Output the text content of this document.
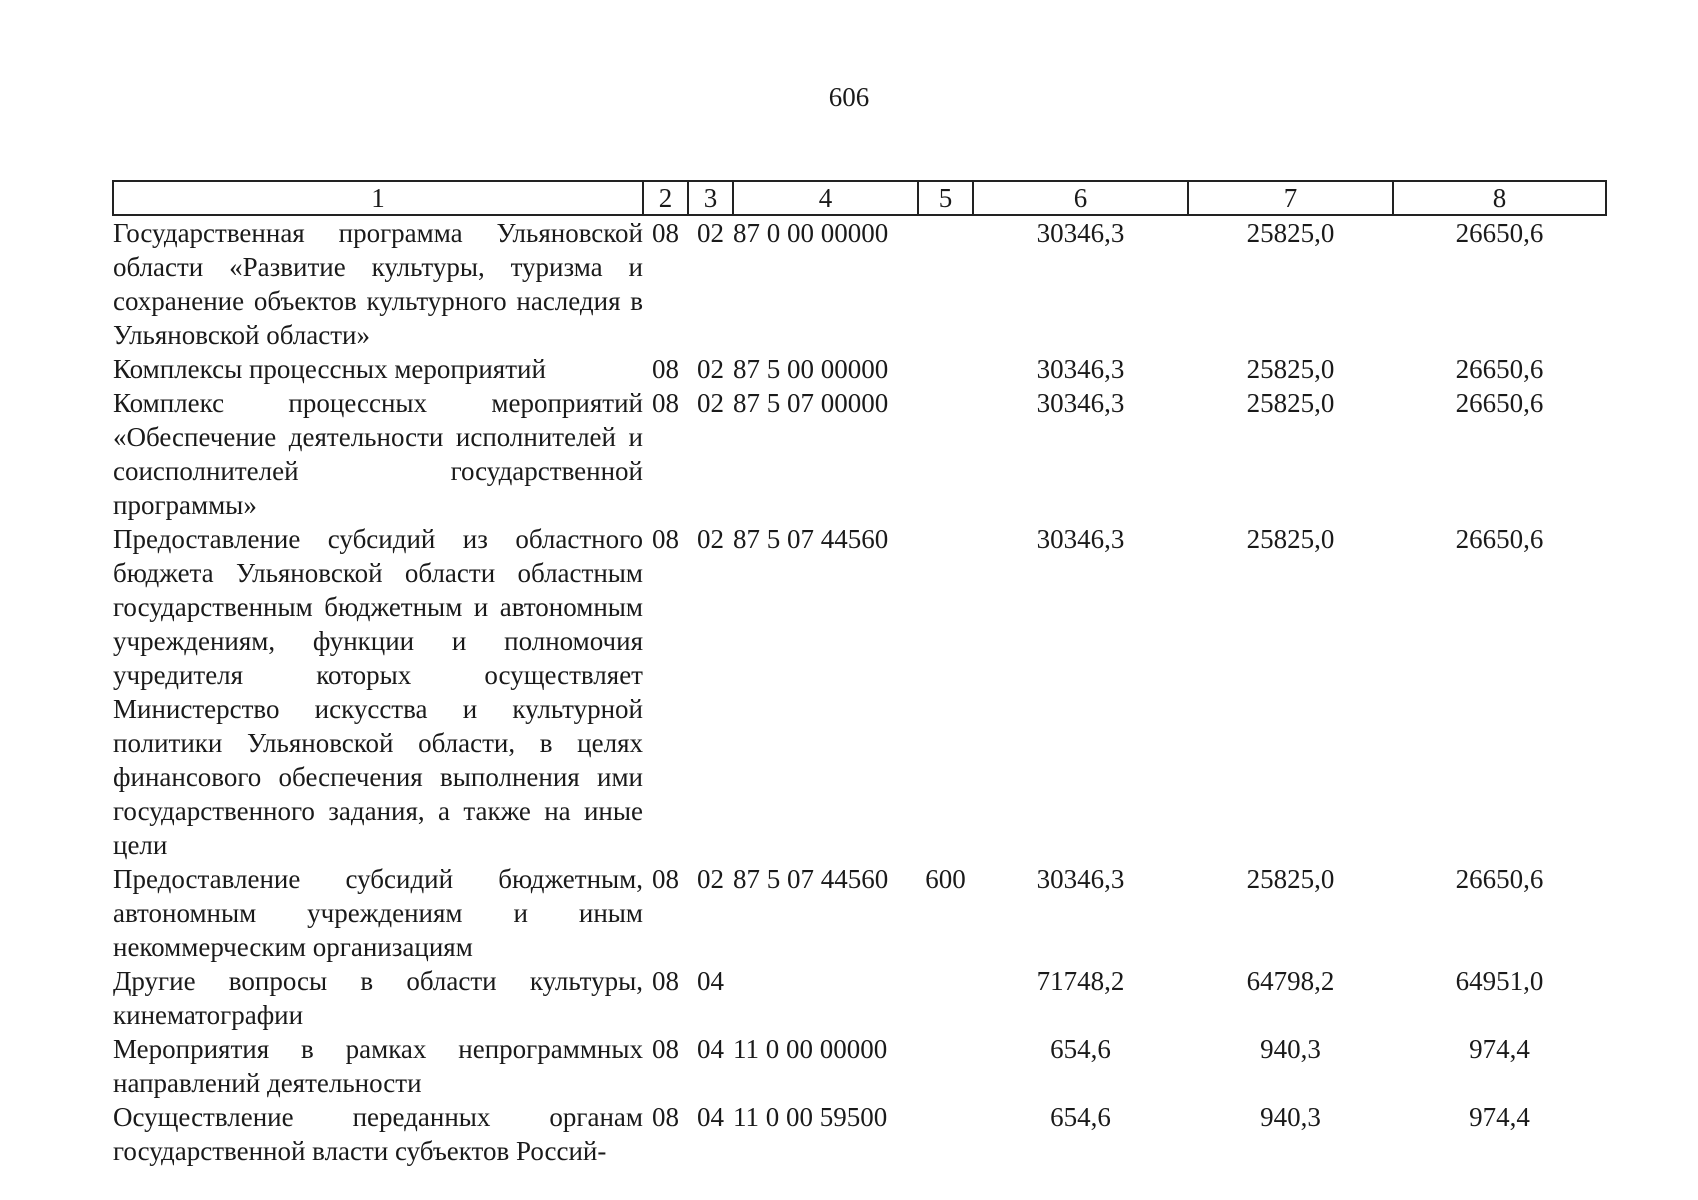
606
1	2	3	4	5	6	7	8
Государственная программа Ульяновской области «Развитие культуры, туризма и сохранение объектов культурного наследия в Ульяновской области»	08	02	87 0 00 00000		30346,3	25825,0	26650,6
Комплексы процессных мероприятий	08	02	87 5 00 00000		30346,3	25825,0	26650,6
Комплекс процессных мероприятий «Обеспечение деятельности исполнителей и соисполнителей государственной программы»	08	02	87 5 07 00000		30346,3	25825,0	26650,6
Предоставление субсидий из областного бюджета Ульяновской области областным государственным бюджетным и автономным учреждениям, функции и полномочия учредителя которых осуществляет Министерство искусства и культурной политики Ульяновской области, в целях финансового обеспечения выполнения ими государственного задания, а также на иные цели	08	02	87 5 07 44560		30346,3	25825,0	26650,6
Предоставление субсидий бюджетным, автономным учреждениям и иным некоммерческим организациям	08	02	87 5 07 44560	600	30346,3	25825,0	26650,6
Другие вопросы в области культуры, кинематографии	08	04			71748,2	64798,2	64951,0
Мероприятия в рамках непрограммных направлений деятельности	08	04	11 0 00 00000		654,6	940,3	974,4
Осуществление переданных органам государственной власти субъектов Россий-	08	04	11 0 00 59500		654,6	940,3	974,4
